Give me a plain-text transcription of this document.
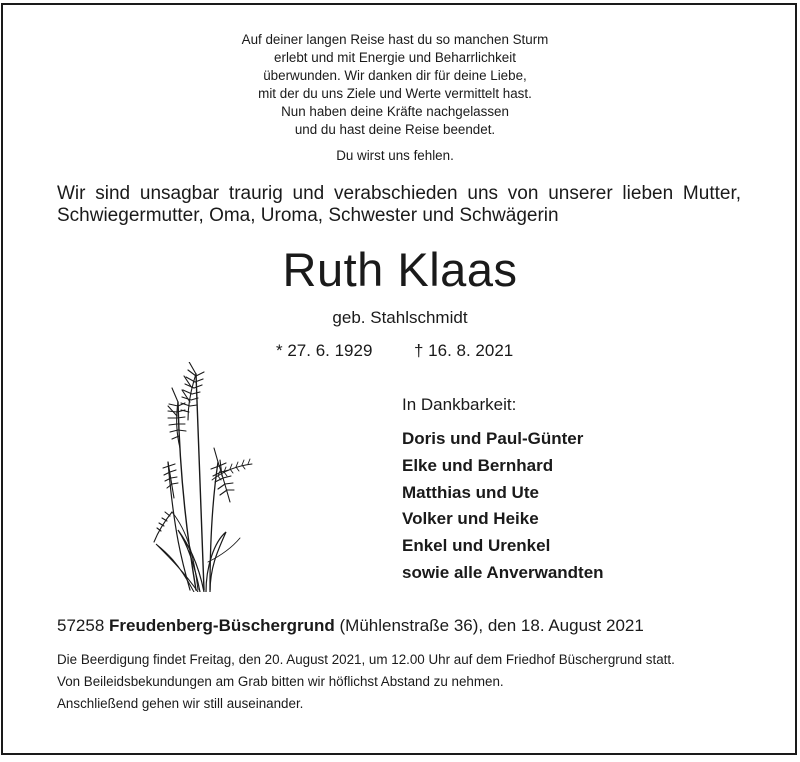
Auf deiner langen Reise hast du so manchen Sturm
erlebt und mit Energie und Beharrlichkeit
überwunden. Wir danken dir für deine Liebe,
mit der du uns Ziele und Werte vermittelt hast.
Nun haben deine Kräfte nachgelassen
und du hast deine Reise beendet.
Du wirst uns fehlen.
Wir sind unsagbar traurig und verabschieden uns von unserer lieben Mutter,
Schwiegermutter, Oma, Uroma, Schwester und Schwägerin
Ruth Klaas
geb. Stahlschmidt
* 27. 6. 1929 † 16. 8. 2021
In Dankbarkeit:
Doris und Paul-Günter
Elke und Bernhard
Matthias und Ute
Volker und Heike
Enkel und Urenkel
sowie alle Anverwandten
57258 Freudenberg-Büschergrund (Mühlenstraße 36), den 18. August 2021

Die Beerdigung findet Freitag, den 20. August 2021, um 12.00 Uhr auf dem Friedhof Büschergrund statt.

Von Beileidsbekundungen am Grab bitten wir höflichst Abstand zu nehmen.

Anschließend gehen wir still auseinander.
